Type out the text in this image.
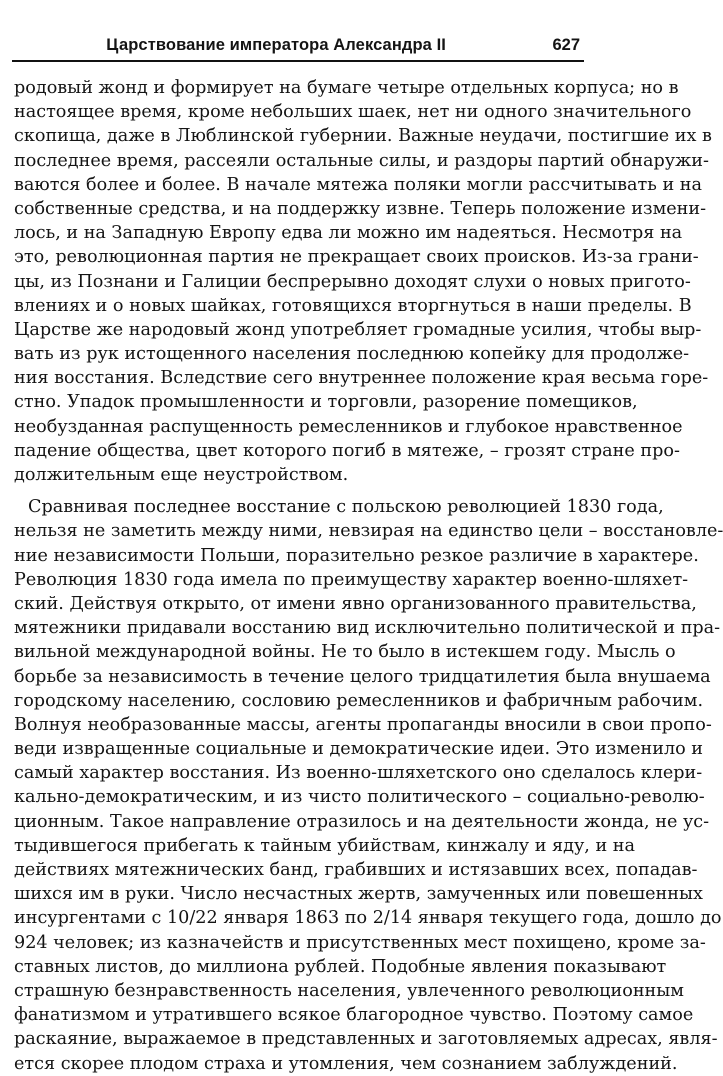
Царствование императора Александра II	627
родовый жонд и формирует на бумаге четыре отдельных корпуса; но в
настоящее время, кроме небольших шаек, нет ни одного значительного
скопища, даже в Люблинской губернии. Важные неудачи, постигшие их в
последнее время, рассеяли остальные силы, и раздоры партий обнаружи-
ваются более и более. В начале мятежа поляки могли рассчитывать и на
собственные средства, и на поддержку извне. Теперь положение измени-
лось, и на Западную Европу едва ли можно им надеяться. Несмотря на
это, революционная партия не прекращает своих происков. Из-за грани-
цы, из Познани и Галиции беспрерывно доходят слухи о новых пригото-
влениях и о новых шайках, готовящихся вторгнуться в наши пределы. В
Царстве же народовый жонд употребляет громадные усилия, чтобы выр-
вать из рук истощенного населения последнюю копейку для продолже-
ния восстания. Вследствие сего внутреннее положение края весьма горе-
стно. Упадок промышленности и торговли, разорение помещиков,
необузданная распущенность ремесленников и глубокое нравственное
падение общества, цвет которого погиб в мятеже, – грозят стране про-
должительным еще неустройством.
Сравнивая последнее восстание с польскою революцией 1830 года,
нельзя не заметить между ними, невзирая на единство цели – восстановле-
ние независимости Польши, поразительно резкое различие в характере.
Революция 1830 года имела по преимуществу характер военно-шляхет-
ский. Действуя открыто, от имени явно организованного правительства,
мятежники придавали восстанию вид исключительно политической и пра-
вильной международной войны. Не то было в истекшем году. Мысль о
борьбе за независимость в течение целого тридцатилетия была внушаема
городскому населению, сословию ремесленников и фабричным рабочим.
Волнуя необразованные массы, агенты пропаганды вносили в свои пропо-
веди извращенные социальные и демократические идеи. Это изменило и
самый характер восстания. Из военно-шляхетского оно сделалось клери-
кально-демократическим, и из чисто политического – социально-револю-
ционным. Такое направление отразилось и на деятельности жонда, не ус-
тыдившегося прибегать к тайным убийствам, кинжалу и яду, и на
действиях мятежнических банд, грабивших и истязавших всех, попадав-
шихся им в руки. Число несчастных жертв, замученных или повешенных
инсургентами с 10/22 января 1863 по 2/14 января текущего года, дошло до
924 человек; из казначейств и присутственных мест похищено, кроме за-
ставных листов, до миллиона рублей. Подобные явления показывают
страшную безнравственность населения, увлеченного революционным
фанатизмом и утратившего всякое благородное чувство. Поэтому самое
раскаяние, выражаемое в представленных и заготовляемых адресах, явля-
ется скорее плодом страха и утомления, чем сознанием заблуждений.
